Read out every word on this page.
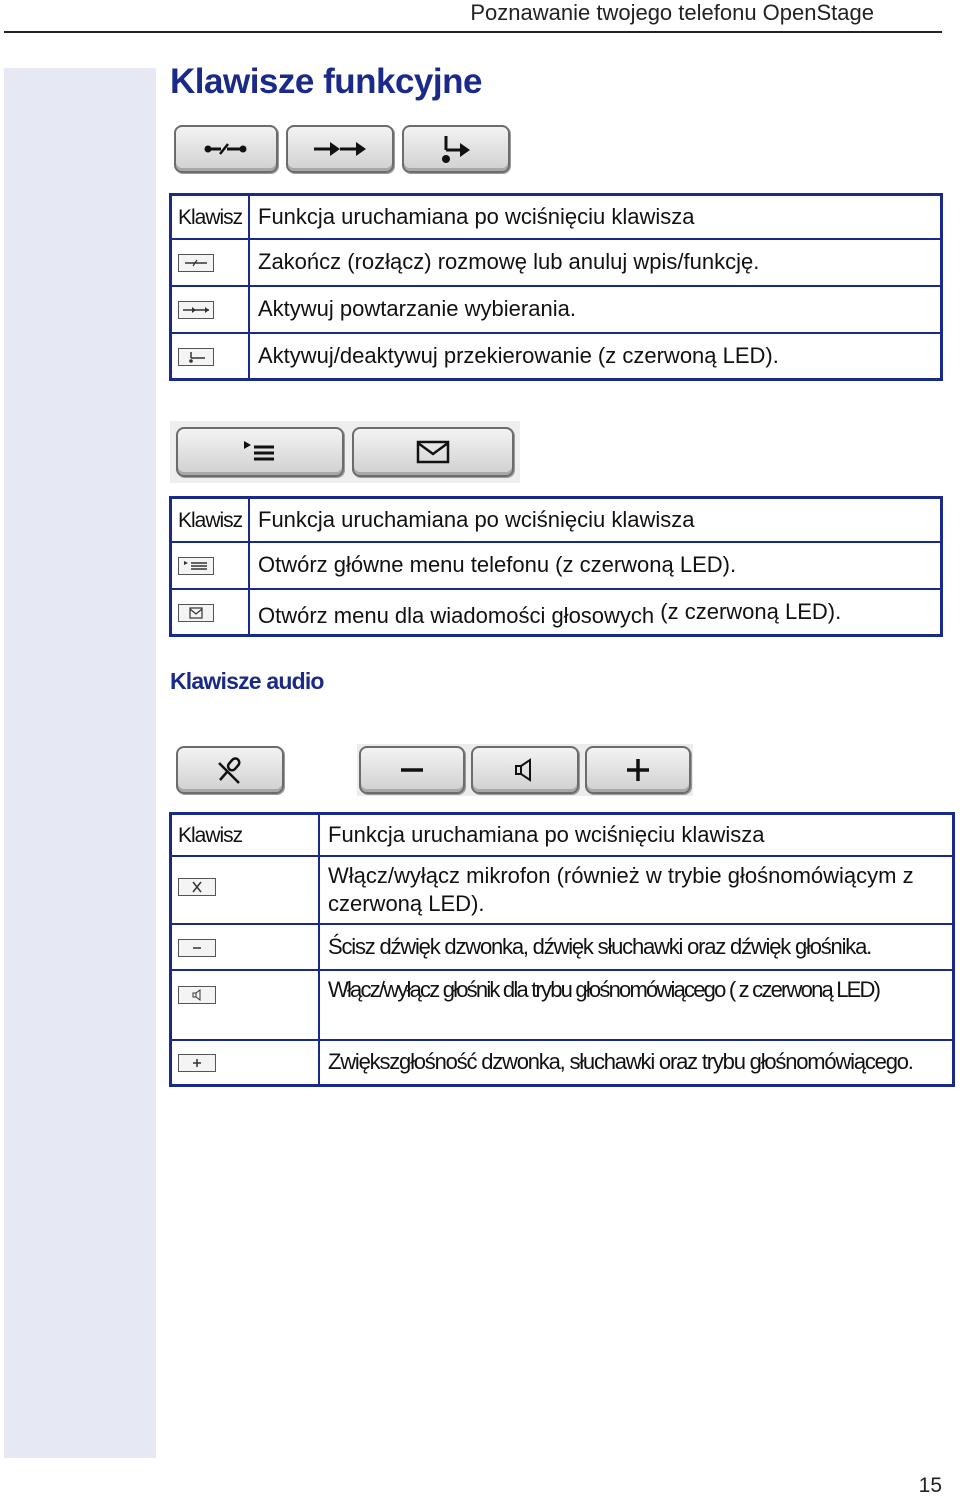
Poznawanie twojego telefonu OpenStage
Klawisze funkcyjne
Klawisz	Funkcja uruchamiana po wciśnięciu klawisza

	Zakończ (rozłącz) rozmowę lub anuluj wpis/funkcję.

	Aktywuj powtarzanie wybierania.

	Aktywuj/deaktywuj przekierowanie (z czerwoną LED).
Klawisz	Funkcja uruchamiana po wciśnięciu klawisza

	Otwórz główne menu telefonu (z czerwoną LED).

	Otwórz menu dla wiadomości głosowych (z czerwoną LED).
Klawisze audio
Klawisz	Funkcja uruchamiana po wciśnięciu klawisza

	Włącz/wyłącz mikrofon (również w trybie głośnomówiącym z czerwoną LED).

	Ścisz dźwięk dzwonka, dźwięk słuchawki oraz dźwięk głośnika.

	Włącz/wyłącz głośnik dla trybu głośnomówiącego ( z czerwoną LED)

	Zwiększgłośność dzwonka, słuchawki oraz trybu głośnomówiącego.
15
